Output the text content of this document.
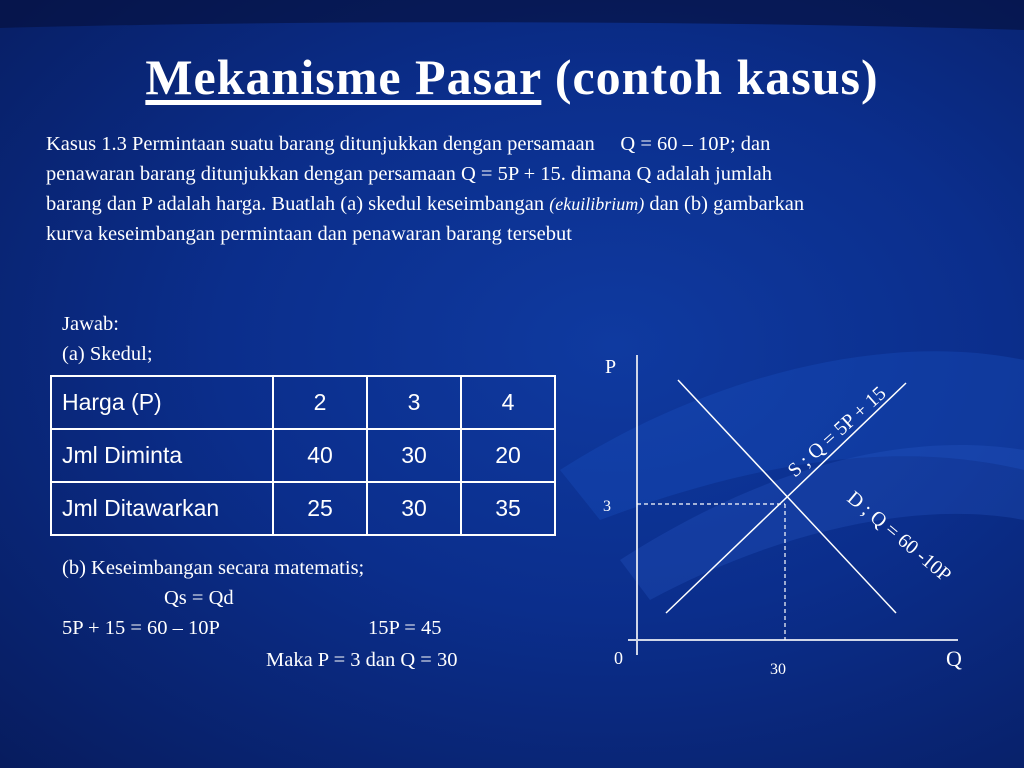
Mekanisme Pasar (contoh kasus)
Kasus 1.3 Permintaan suatu barang ditunjukkan dengan persamaan Q = 60 – 10P; dan
penawaran barang ditunjukkan dengan persamaan Q = 5P + 15. dimana Q adalah jumlah
barang dan P adalah harga. Buatlah (a) skedul keseimbangan (ekuilibrium) dan (b) gambarkan
kurva keseimbangan permintaan dan penawaran barang tersebut
Jawab:
(a) Skedul;
Harga (P)	2	3	4
Jml Diminta	40	30	20
Jml Ditawarkan	25	30	35
(b) Keseimbangan secara matematis;
Qs = Qd
5P + 15 = 60 – 10P	15P = 45
Maka P = 3 dan Q = 30
P
Q
0
3
30
S ; Q = 5P + 15
D ; Q = 60 -10P
